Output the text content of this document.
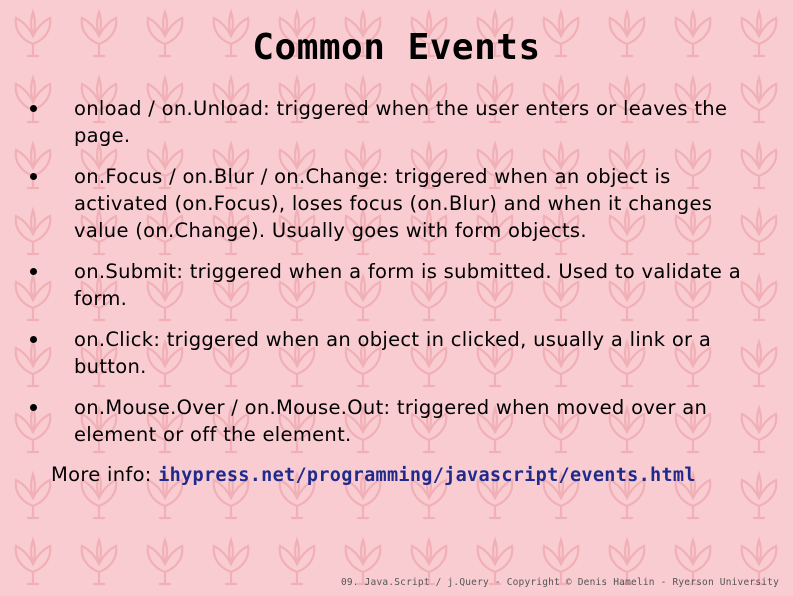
Common Events
onload / on.Unload: triggered when the user enters or leaves the page.
on.Focus / on.Blur / on.Change: triggered when an object is activated (on.Focus), loses focus (on.Blur) and when it changes value (on.Change). Usually goes with form objects.
on.Submit: triggered when a form is submitted. Used to validate a form.
on.Click: triggered when an object in clicked, usually a link or a button.
on.Mouse.Over / on.Mouse.Out: triggered when moved over an element or off the element.
More info: ihypress.net/programming/javascript/events.html
09. Java.Script / j.Query - Copyright © Denis Hamelin - Ryerson University
